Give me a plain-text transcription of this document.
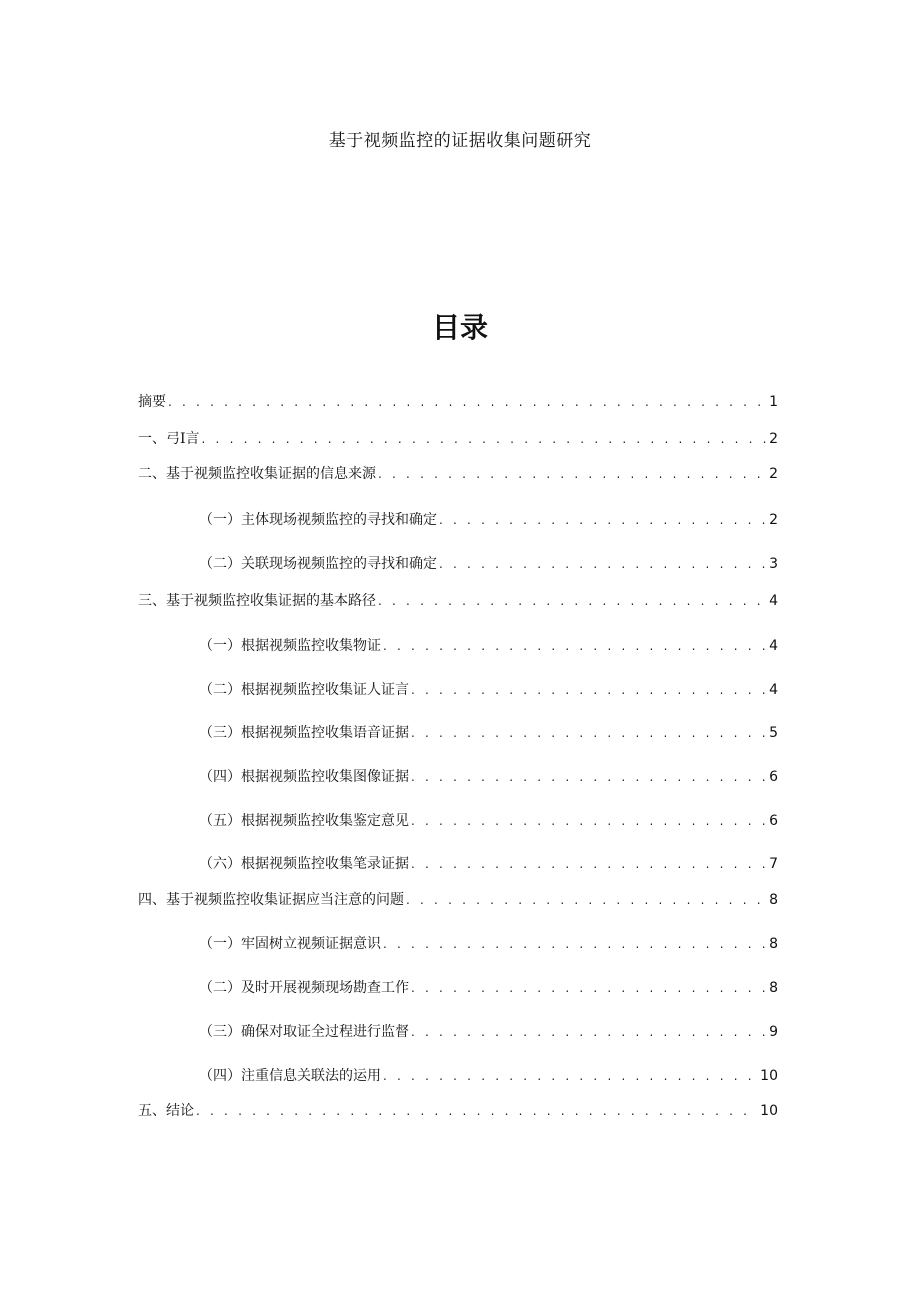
基于视频监控的证据收集问题研究
目录
摘要 . . .	1
一、弓I言 . . .	2
二、基于视频监控收集证据的信息来源 . . .	2
（一）主体现场视频监控的寻找和确定 . . .	2
（二）关联现场视频监控的寻找和确定 . . .	3
三、基于视频监控收集证据的基本路径 . . .	4
（一）根据视频监控收集物证 . . .	4
（二）根据视频监控收集证人证言 . . .	4
（三）根据视频监控收集语音证据 . . .	5
（四）根据视频监控收集图像证据 . . .	6
（五）根据视频监控收集鉴定意见 . . .	6
（六）根据视频监控收集笔录证据 . . .	7
四、基于视频监控收集证据应当注意的问题 . . .	8
（一）牢固树立视频证据意识 . . .	8
（二）及时开展视频现场勘查工作 . . .	8
（三）确保对取证全过程进行监督 . . .	9
（四）注重信息关联法的运用 . . .	10
五、结论 . . .	10
